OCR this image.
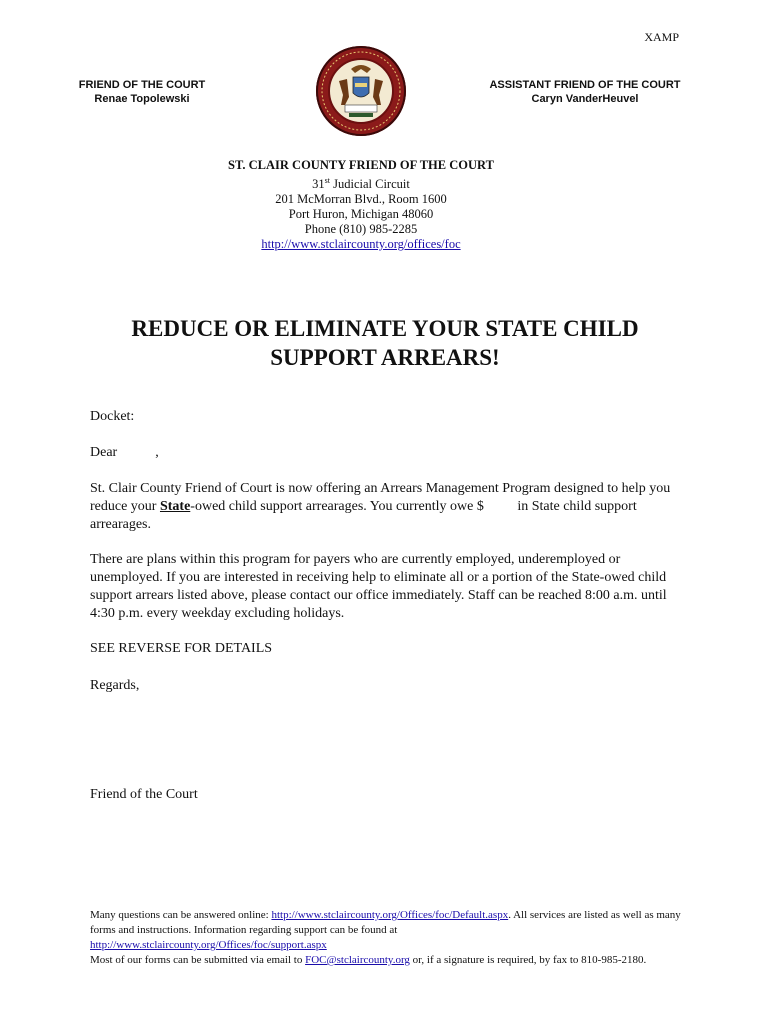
XAMP
FRIEND OF THE COURT
Renae Topolewski
ASSISTANT FRIEND OF THE COURT
Caryn VanderHeuvel
ST. CLAIR COUNTY FRIEND OF THE COURT
31st Judicial Circuit
201 McMorran Blvd., Room 1600
Port Huron, Michigan 48060
Phone (810) 985-2285
http://www.stclaircounty.org/offices/foc
REDUCE OR ELIMINATE YOUR STATE CHILD
SUPPORT ARREARS!
Docket:
Dear	,
St. Clair County Friend of Court is now offering an Arrears Management Program designed to help you reduce your State-owed child support arrearages. You currently owe $ in State child support arrearages.
There are plans within this program for payers who are currently employed, underemployed or unemployed. If you are interested in receiving help to eliminate all or a portion of the State-owed child support arrears listed above, please contact our office immediately. Staff can be reached 8:00 a.m. until 4:30 p.m. every weekday excluding holidays.
SEE REVERSE FOR DETAILS
Regards,
Friend of the Court
Many questions can be answered online: http://www.stclaircounty.org/Offices/foc/Default.aspx. All services are listed as well as many forms and instructions. Information regarding support can be found at
http://www.stclaircounty.org/Offices/foc/support.aspx
Most of our forms can be submitted via email to FOC@stclaircounty.org or, if a signature is required, by fax to 810-985-2180.
